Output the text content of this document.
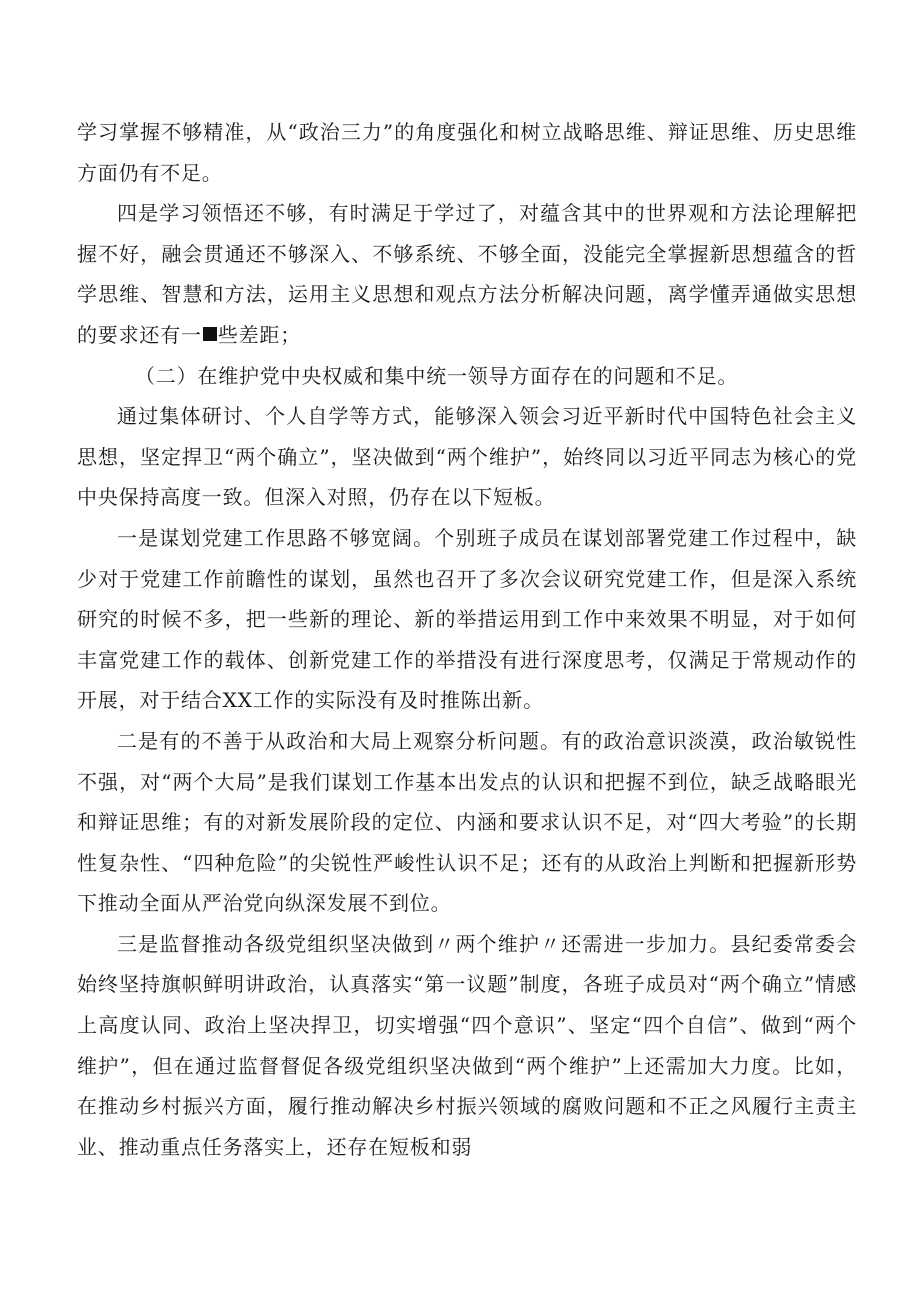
学习掌握不够精准，从“政治三力”的角度强化和树立战略思维、辩证思维、历史思维方面仍有不足。

四是学习领悟还不够，有时满足于学过了，对蕴含其中的世界观和方法论理解把握不好，融会贯通还不够深入、不够系统、不够全面，没能完全掌握新思想蕴含的哲学思维、智慧和方法，运用主义思想和观点方法分析解决问题，离学懂弄通做实思想的要求还有一 些差距；

（二）在维护党中央权威和集中统一领导方面存在的问题和不足。

通过集体研讨、个人自学等方式，能够深入领会习近平新时代中国特色社会主义思想，坚定捍卫“两个确立”，坚决做到“两个维护”，始终同以习近平同志为核心的党中央保持高度一致。但深入对照，仍存在以下短板。

一是谋划党建工作思路不够宽阔。个别班子成员在谋划部署党建工作过程中，缺少对于党建工作前瞻性的谋划，虽然也召开了多次会议研究党建工作，但是深入系统研究的时候不多，把一些新的理论、新的举措运用到工作中来效果不明显，对于如何丰富党建工作的载体、创新党建工作的举措没有进行深度思考，仅满足于常规动作的开展，对于结合XX工作的实际没有及时推陈出新。

二是有的不善于从政治和大局上观察分析问题。有的政治意识淡漠，政治敏锐性不强，对“两个大局”是我们谋划工作基本出发点的认识和把握不到位，缺乏战略眼光和辩证思维；有的对新发展阶段的定位、内涵和要求认识不足，对“四大考验”的长期性复杂性、“四种危险”的尖锐性严峻性认识不足；还有的从政治上判断和把握新形势下推动全面从严治党向纵深发展不到位。

三是监督推动各级党组织坚决做到〃两个维护〃还需进一步加力。县纪委常委会始终坚持旗帜鲜明讲政治，认真落实“第一议题”制度，各班子成员对“两个确立”情感上高度认同、政治上坚决捍卫，切实增强“四个意识”、坚定“四个自信”、做到“两个维护”，但在通过监督督促各级党组织坚决做到“两个维护”上还需加大力度。比如，在推动乡村振兴方面，履行推动解决乡村振兴领域的腐败问题和不正之风履行主责主业、推动重点任务落实上，还存在短板和弱
